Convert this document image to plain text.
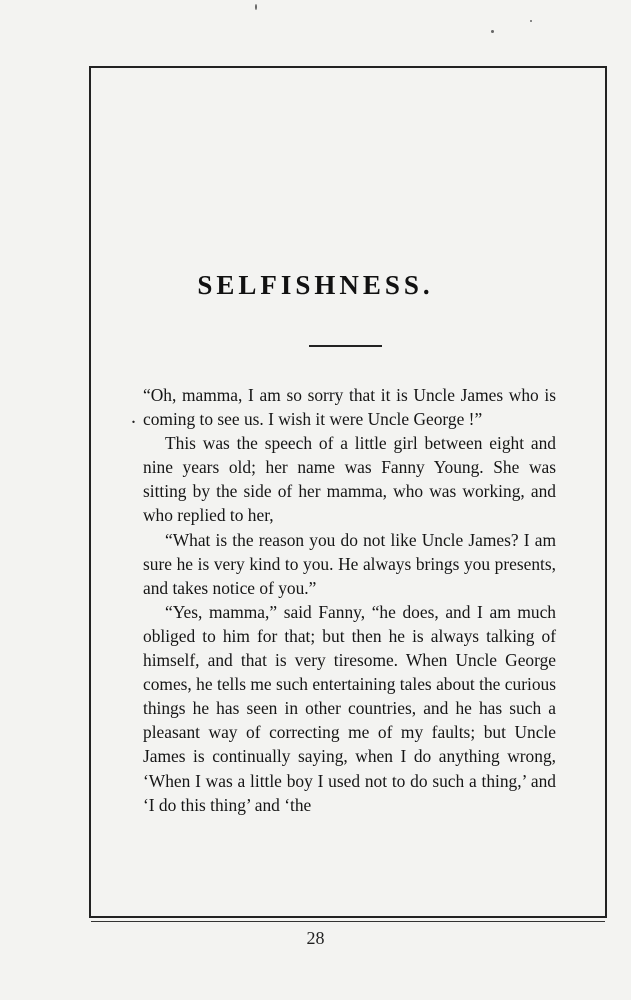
SELFISHNESS.
.

“Oh, mamma, I am so sorry that it is Uncle James who is coming to see us. I wish it were Uncle George !”

This was the speech of a little girl between eight and nine years old; her name was Fanny Young. She was sitting by the side of her mamma, who was working, and who replied to her,

“What is the reason you do not like Uncle James? I am sure he is very kind to you. He always brings you presents, and takes notice of you.”

“Yes, mamma,” said Fanny, “he does, and I am much obliged to him for that; but then he is always talking of himself, and that is very tiresome. When Uncle George comes, he tells me such entertaining tales about the curious things he has seen in other countries, and he has such a pleasant way of correcting me of my faults; but Uncle James is continually saying, when I do anything wrong, ‘When I was a little boy I used not to do such a thing,’ and ‘I do this thing’ and ‘the

28
